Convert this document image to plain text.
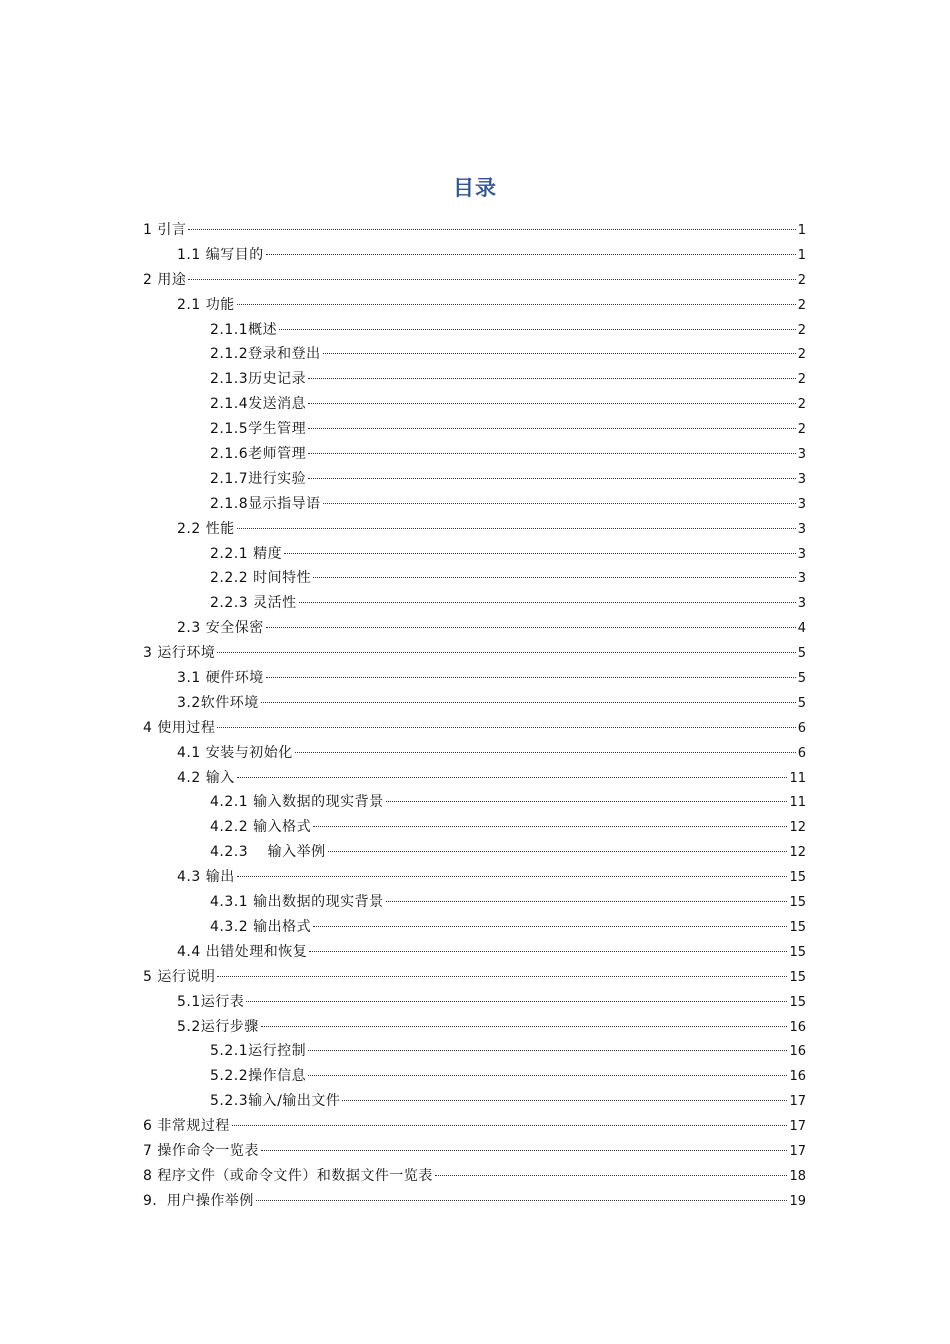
目录
1 引言	1
1.1 编写目的	1
2 用途	2
2.1 功能	2
2.1.1概述	2
2.1.2登录和登出	2
2.1.3历史记录	2
2.1.4发送消息	2
2.1.5学生管理	2
2.1.6老师管理	3
2.1.7进行实验	3
2.1.8显示指导语	3
2.2 性能	3
2.2.1 精度	3
2.2.2 时间特性	3
2.2.3 灵活性	3
2.3 安全保密	4
3 运行环境	5
3.1 硬件环境	5
3.2软件环境	5
4 使用过程	6
4.1 安装与初始化	6
4.2 输入	11
4.2.1 输入数据的现实背景	11
4.2.2 输入格式	12
4.2.3　 输入举例	12
4.3 输出	15
4.3.1 输出数据的现实背景	15
4.3.2 输出格式	15
4.4 出错处理和恢复	15
5 运行说明	15
5.1运行表	15
5.2运行步骤	16
5.2.1运行控制	16
5.2.2操作信息	16
5.2.3输入/输出文件	17
6 非常规过程	17
7 操作命令一览表	17
8 程序文件（或命令文件）和数据文件一览表	18
9．用户操作举例	19
